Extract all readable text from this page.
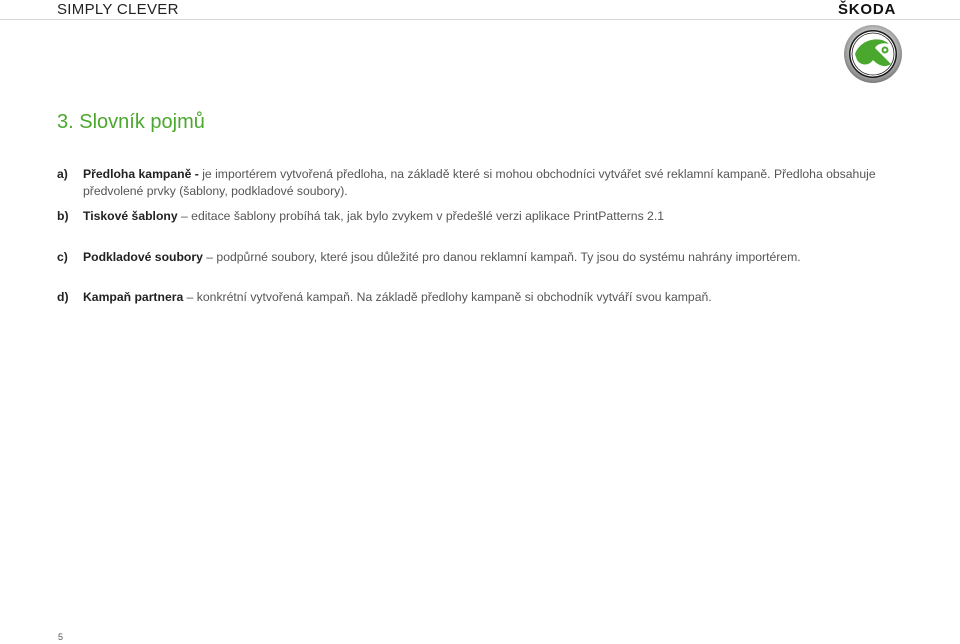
SIMPLY CLEVER	ŠKODA
3. Slovník pojmů
a)	Předloha kampaně - je importérem vytvořená předloha, na základě které si mohou obchodníci vytvářet své reklamní kampaně. Předloha obsahuje předvolené prvky (šablony, podkladové soubory).
b)	Tiskové šablony – editace šablony probíhá tak, jak bylo zvykem v předešlé verzi aplikace PrintPatterns 2.1
c)	Podkladové soubory – podpůrné soubory, které jsou důležité pro danou reklamní kampaň. Ty jsou do systému nahrány importérem.
d)	Kampaň partnera – konkrétní vytvořená kampaň. Na základě předlohy kampaně si obchodník vytváří svou kampaň.
5
